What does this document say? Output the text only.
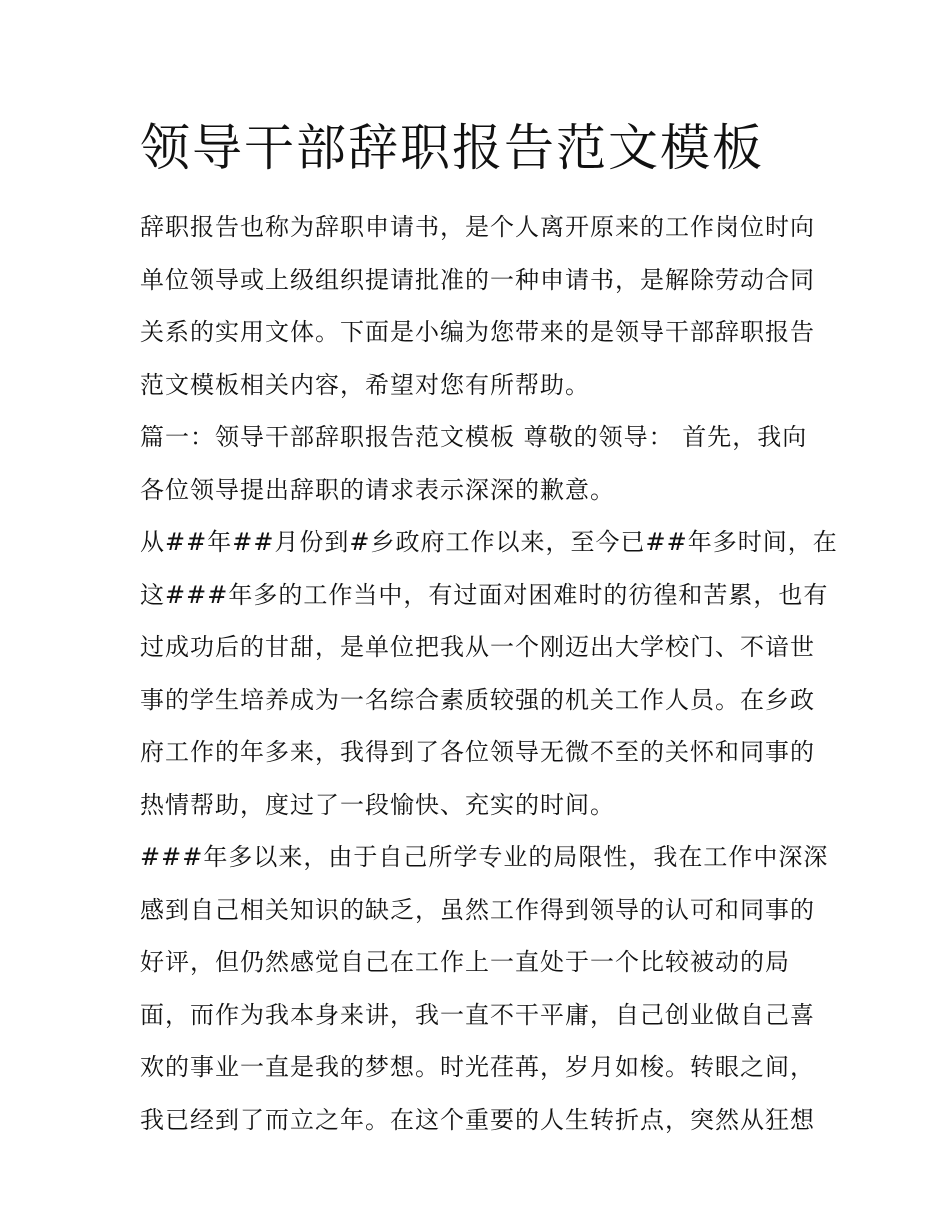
领导干部辞职报告范文模板
辞职报告也称为辞职申请书，是个人离开原来的工作岗位时向
单位领导或上级组织提请批准的一种申请书，是解除劳动合同
关系的实用文体。下面是小编为您带来的是领导干部辞职报告
范文模板相关内容，希望对您有所帮助。
篇一：领导干部辞职报告范文模板 尊敬的领导： 首先，我向
各位领导提出辞职的请求表示深深的歉意。
从##年##月份到#乡政府工作以来，至今已##年多时间，在
这###年多的工作当中，有过面对困难时的彷徨和苦累，也有
过成功后的甘甜，是单位把我从一个刚迈出大学校门、不谙世
事的学生培养成为一名综合素质较强的机关工作人员。在乡政
府工作的年多来，我得到了各位领导无微不至的关怀和同事的
热情帮助，度过了一段愉快、充实的时间。
###年多以来，由于自己所学专业的局限性，我在工作中深深
感到自己相关知识的缺乏，虽然工作得到领导的认可和同事的
好评，但仍然感觉自己在工作上一直处于一个比较被动的局
面，而作为我本身来讲，我一直不干平庸，自己创业做自己喜
欢的事业一直是我的梦想。时光荏苒，岁月如梭。转眼之间，
我已经到了而立之年。在这个重要的人生转折点，突然从狂想
